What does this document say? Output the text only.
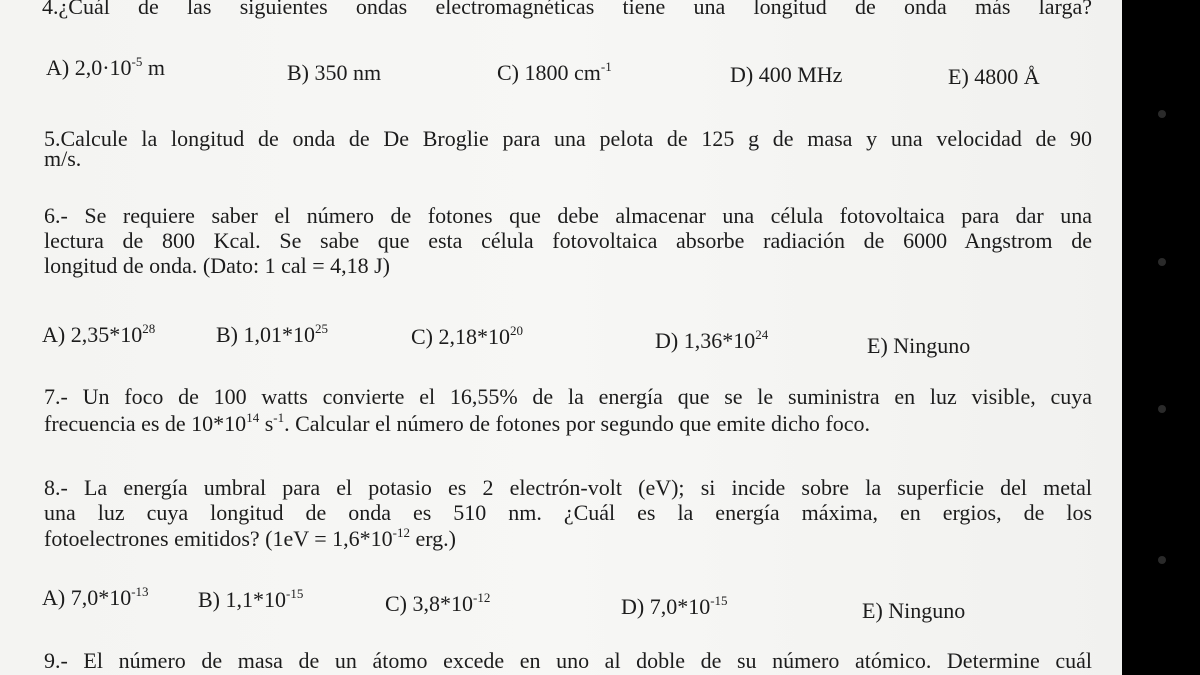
4.¿Cuál de las siguientes ondas electromagnéticas tiene una longitud de onda más larga?
A) $2,0\cdot 10^{-5}$ m	B) 350 nm	C) 1800 $cm^{-1}$	D) 400 MHz	E) 4800 Å
5.Calcule la longitud de onda de De Broglie para una pelota de 125 g de masa y una velocidad de 90
m/s.
6.- Se requiere saber el número de fotones que debe almacenar una célula fotovoltaica para dar una
lectura de 800 Kcal. Se sabe que esta célula fotovoltaica absorbe radiación de 6000 Angstrom de
longitud de onda. (Dato: 1 cal = 4,18 J)
A) $2,35*10^{28}$	B) $1,01*10^{25}$	C) $2,18*10^{20}$	D) $1,36*10^{24}$	E) Ninguno
7.- Un foco de 100 watts convierte el 16,55% de la energía que se le suministra en luz visible, cuya
frecuencia es de $10*10^{14}$ $s^{-1}$. Calcular el número de fotones por segundo que emite dicho foco.
8.- La energía umbral para el potasio es 2 electrón-volt (eV); si incide sobre la superficie del metal
una luz cuya longitud de onda es 510 nm. ¿Cuál es la energía máxima, en ergios, de los
fotoelectrones emitidos? ($1eV = 1,6*10^{-12}$ erg.)
A) $7,0*10^{-13}$ B) $1,1*10^{-15}$	C) $3,8*10^{-12}$	D) $7,0*10^{-15}$	E) Ninguno
9.- El número de masa de un átomo excede en uno al doble de su número atómico. Determine cuál
